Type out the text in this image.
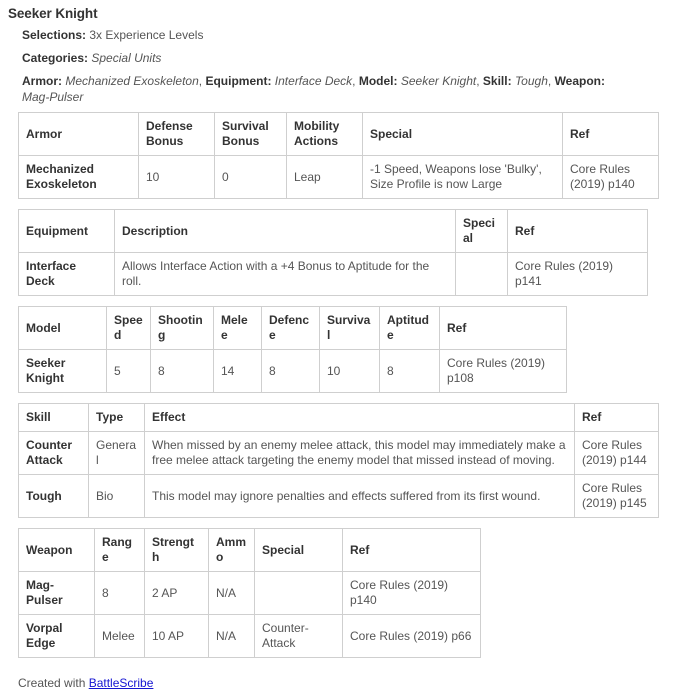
Seeker Knight

Selections: 3x Experience Levels

Categories: Special Units

Armor: Mechanized Exoskeleton, Equipment: Interface Deck, Model: Seeker Knight, Skill: Tough, Weapon: Mag-Pulser

Armor	Defense Bonus	Survival Bonus	Mobility Actions	Special	Ref
Mechanized Exoskeleton	10	0	Leap	-1 Speed, Weapons lose 'Bulky', Size Profile is now Large	Core Rules (2019) p140
Equipment	Description	Special	Ref
Interface Deck	Allows Interface Action with a +4 Bonus to Aptitude for the roll.		Core Rules (2019) p141
Model	Speed	Shooting	Melee	Defence	Survival	Aptitude	Ref
Seeker Knight	5	8	14	8	10	8	Core Rules (2019) p108
Skill	Type	Effect	Ref
Counter Attack	General	When missed by an enemy melee attack, this model may immediately make a free melee attack targeting the enemy model that missed instead of moving.	Core Rules (2019) p144
Tough	Bio	This model may ignore penalties and effects suffered from its first wound.	Core Rules (2019) p145
Weapon	Range	Strength	Ammo	Special	Ref
Mag-Pulser	8	2 AP	N/A		Core Rules (2019) p140
Vorpal Edge	Melee	10 AP	N/A	Counter-Attack	Core Rules (2019) p66

Created with BattleScribe
